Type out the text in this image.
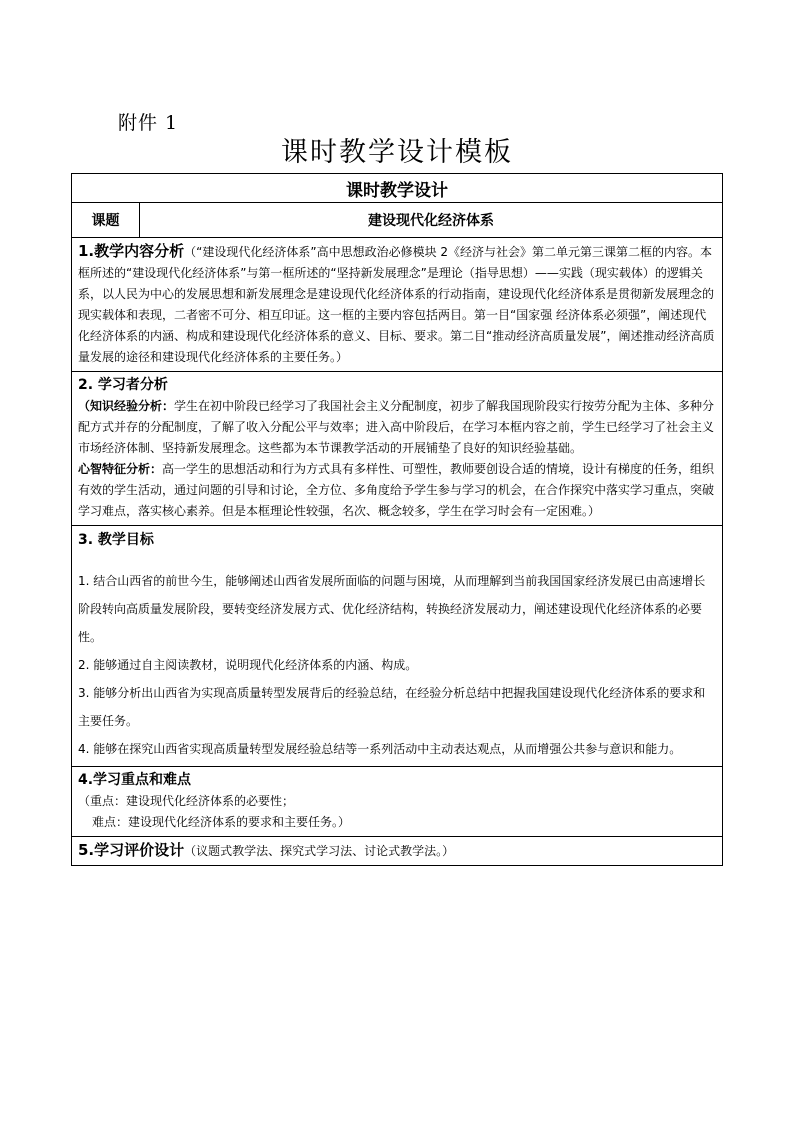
附件 1
课时教学设计模板
课时教学设计
课题	建设现代化经济体系

1.教学内容分析（“建设现代化经济体系”高中思想政治必修模块 2《经济与社会》第二单元第三课第二框的内容。本框所述的“建设现代化经济体系”与第一框所述的“坚持新发展理念”是理论（指导思想）——实践（现实载体）的逻辑关系，以人民为中心的发展思想和新发展理念是建设现代化经济体系的行动指南，建设现代化经济体系是贯彻新发展理念的现实载体和表现，二者密不可分、相互印证。这一框的主要内容包括两目。第一目“国家强 经济体系必须强”，阐述现代化经济体系的内涵、构成和建设现代化经济体系的意义、目标、要求。第二目“推动经济高质量发展”，阐述推动经济高质量发展的途径和建设现代化经济体系的主要任务。）

2. 学习者分析

（知识经验分析：学生在初中阶段已经学习了我国社会主义分配制度，初步了解我国现阶段实行按劳分配为主体、多种分配方式并存的分配制度，了解了收入分配公平与效率；进入高中阶段后，在学习本框内容之前，学生已经学习了社会主义市场经济体制、坚持新发展理念。这些都为本节课教学活动的开展铺垫了良好的知识经验基础。

心智特征分析：高一学生的思想活动和行为方式具有多样性、可塑性，教师要创设合适的情境，设计有梯度的任务，组织有效的学生活动，通过问题的引导和讨论，全方位、多角度给予学生参与学习的机会，在合作探究中落实学习重点，突破学习难点，落实核心素养。但是本框理论性较强，名次、概念较多，学生在学习时会有一定困难。）

3. 教学目标

1. 结合山西省的前世今生，能够阐述山西省发展所面临的问题与困境，从而理解到当前我国国家经济发展已由高速增长阶段转向高质量发展阶段，要转变经济发展方式、优化经济结构，转换经济发展动力，阐述建设现代化经济体系的必要性。

2. 能够通过自主阅读教材，说明现代化经济体系的内涵、构成。

3. 能够分析出山西省为实现高质量转型发展背后的经验总结，在经验分析总结中把握我国建设现代化经济体系的要求和主要任务。

4. 能够在探究山西省实现高质量转型发展经验总结等一系列活动中主动表达观点，从而增强公共参与意识和能力。

4.学习重点和难点

（重点：建设现代化经济体系的必要性；

难点：建设现代化经济体系的要求和主要任务。）

5.学习评价设计（议题式教学法、探究式学习法、讨论式教学法。）
